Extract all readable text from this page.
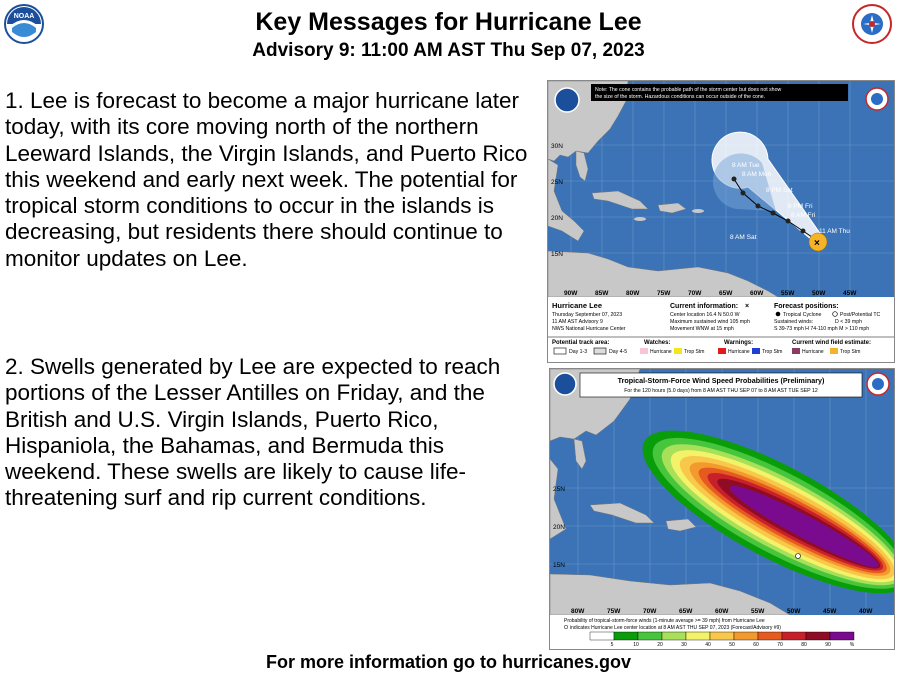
NOAA	Key Messages for Hurricane Lee
Advisory 9: 11:00 AM AST Thu Sep 07, 2023
1. Lee is forecast to become a major hurricane later today, with its core moving north of the northern Leeward Islands, the Virgin Islands, and Puerto Rico this weekend and early next week. The potential for tropical storm conditions to occur in the islands is decreasing, but residents there should continue to monitor updates on Lee.
2. Swells generated by Lee are expected to reach portions of the Lesser Antilles on Friday, and the British and U.S. Virgin Islands, Puerto Rico, Hispaniola, the Bahamas, and Bermuda this weekend. These swells are likely to cause life-threatening surf and rip current conditions.
×
8 AM Tue
8 AM Mon
8 PM Sat
8 PM Fri
8 AM Fri
8 AM Sat
11 AM Thu
Note: The cone contains the probable path of the storm center but does not show
the size of the storm. Hazardous conditions can occur outside of the cone.
30N
25N
20N
15N
90W	85W	80W	75W	70W	65W	60W	55W	50W	45W
Hurricane Lee
Thursday September 07, 2023
11 AM AST Advisory 9
NWS National Hurricane Center
Current information: ×
Center location 16.4 N 50.0 W
Maximum sustained wind 105 mph
Movement WNW at 15 mph
Forecast positions:
Tropical Cyclone	Post/Potential TC
Sustained winds:	D < 39 mph
S 39-73 mph H 74-110 mph M > 110 mph
Potential track area:
Day 1-3	Day 4-5
Watches:
Hurricane Trop Stm
Warnings:
Hurricane Trop Stm
Current wind field estimate:
Hurricane	Trop Stm
Tropical-Storm-Force Wind Speed Probabilities (Preliminary)
For the 120 hours (5.0 days) from 8 AM AST THU SEP 07 to 8 AM AST TUE SEP 12
25N
20N
15N
80W	75W	70W	65W	60W	55W	50W	45W	40W
Probability of tropical-storm-force winds (1-minute average >= 39 mph) from Hurricane Lee
indicates Hurricane Lee center location at 8 AM AST THU SEP 07, 2023 (Forecast/Advisory #9)
5	10	20	30	40	50	60	70	80	90	%
For more information go to hurricanes.gov
